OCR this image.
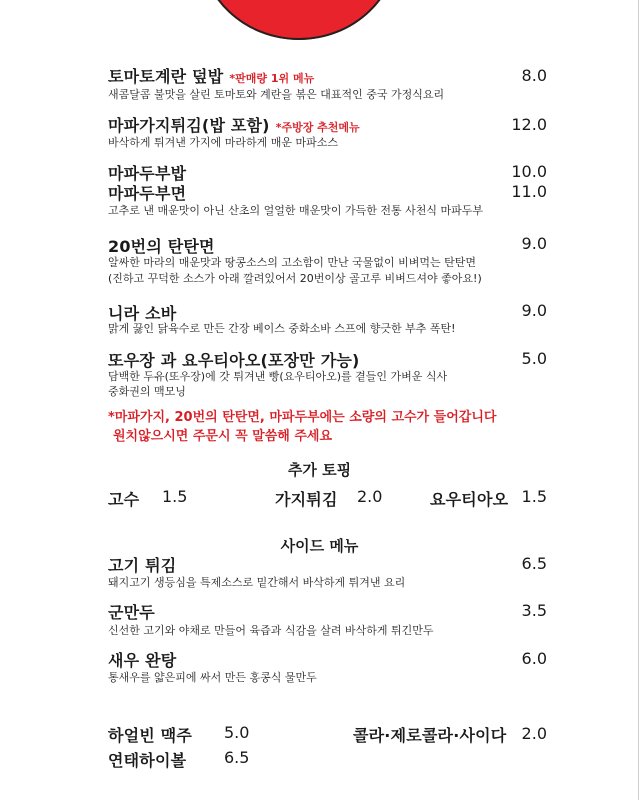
토마토계란 덮밥 *판매량 1위 메뉴	8.0
새콤달콤 불맛을 살린 토마토와 계란을 볶은 대표적인 중국 가정식요리
마파가지튀김(밥 포함) *주방장 추천메뉴	12.0
바삭하게 튀겨낸 가지에 마라하게 매운 마파소스
마파두부밥	10.0
마파두부면	11.0
고추로 낸 매운맛이 아닌 산초의 얼얼한 매운맛이 가득한 전통 사천식 마파두부
20번의 탄탄면	9.0
알싸한 마라의 매운맛과 땅콩소스의 고소함이 만난 국물없이 비벼먹는 탄탄면
(진하고 꾸덕한 소스가 아래 깔려있어서 20번이상 골고루 비벼드셔야 좋아요!)
니라 소바	9.0
맑게 끓인 닭육수로 만든 간장 베이스 중화소바 스프에 향긋한 부추 폭탄!
또우장 과 요우티아오(포장만 가능)	5.0
담백한 두유(또우장)에 갓 튀겨낸 빵(요우티아오)를 곁들인 가벼운 식사
중화권의 맥모닝
*마파가지, 20번의 탄탄면, 마파두부에는 소량의 고수가 들어갑니다
원치않으시면 주문시 꼭 말씀해 주세요
추가 토핑
고수 1.5	가지튀김 2.0	요우티아오 1.5
사이드 메뉴
고기 튀김	6.5
돼지고기 생등심을 특제소스로 밑간해서 바삭하게 튀겨낸 요리
군만두	3.5
신선한 고기와 야채로 만들어 육즙과 식감을 살려 바삭하게 튀긴만두
새우 완탕	6.0
통새우를 얇은피에 싸서 만든 홍콩식 물만두
하얼빈 맥주 5.0
연태하이볼 6.5
콜라·제로콜라·사이다 2.0
